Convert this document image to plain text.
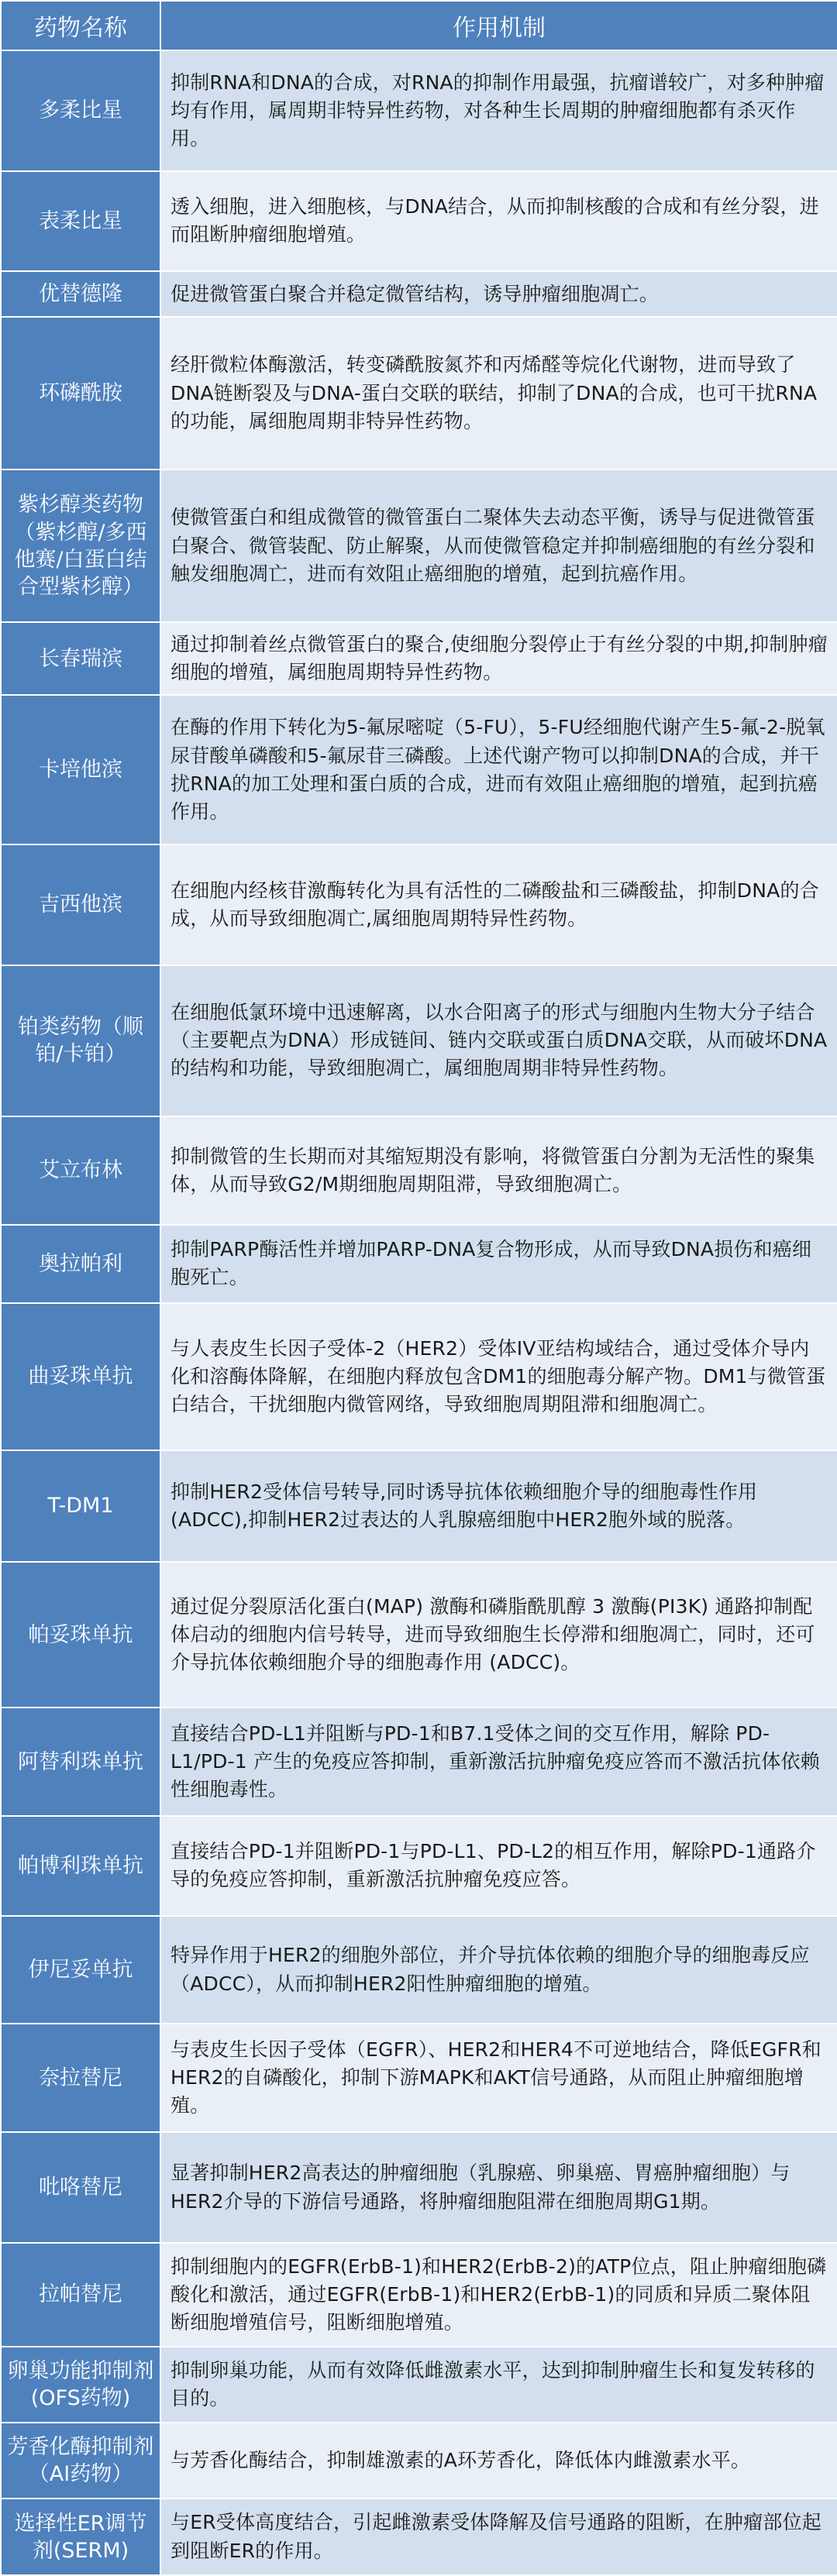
药物名称	作用机制
多柔比星	抑制RNA和DNA的合成，对RNA的抑制作用最强，抗瘤谱较广，对多种肿瘤均有作用，属周期非特异性药物，对各种生长周期的肿瘤细胞都有杀灭作用。
表柔比星	透入细胞，进入细胞核，与DNA结合，从而抑制核酸的合成和有丝分裂，进而阻断肿瘤细胞增殖。
优替德隆	促进微管蛋白聚合并稳定微管结构，诱导肿瘤细胞凋亡。
环磷酰胺	经肝微粒体酶激活，转变磷酰胺氮芥和丙烯醛等烷化代谢物，进而导致了DNA链断裂及与DNA-蛋白交联的联结，抑制了DNA的合成，也可干扰RNA的功能，属细胞周期非特异性药物。
紫杉醇类药物（紫杉醇/多西他赛/白蛋白结合型紫杉醇）	使微管蛋白和组成微管的微管蛋白二聚体失去动态平衡，诱导与促进微管蛋白聚合、微管装配、防止解聚，从而使微管稳定并抑制癌细胞的有丝分裂和触发细胞凋亡，进而有效阻止癌细胞的增殖，起到抗癌作用。
长春瑞滨	通过抑制着丝点微管蛋白的聚合,使细胞分裂停止于有丝分裂的中期,抑制肿瘤细胞的增殖，属细胞周期特异性药物。
卡培他滨	在酶的作用下转化为5-氟尿嘧啶（5-FU），5-FU经细胞代谢产生5-氟-2-脱氧尿苷酸单磷酸和5-氟尿苷三磷酸。上述代谢产物可以抑制DNA的合成，并干扰RNA的加工处理和蛋白质的合成，进而有效阻止癌细胞的增殖，起到抗癌作用。
吉西他滨	在细胞内经核苷激酶转化为具有活性的二磷酸盐和三磷酸盐，抑制DNA的合成，从而导致细胞凋亡,属细胞周期特异性药物。
铂类药物（顺铂/卡铂）	在细胞低氯环境中迅速解离，以水合阳离子的形式与细胞内生物大分子结合（主要靶点为DNA）形成链间、链内交联或蛋白质DNA交联，从而破坏DNA的结构和功能，导致细胞凋亡，属细胞周期非特异性药物。
艾立布林	抑制微管的生长期而对其缩短期没有影响，将微管蛋白分割为无活性的聚集体，从而导致G2/M期细胞周期阻滞，导致细胞凋亡。
奥拉帕利	抑制PARP酶活性并增加PARP-DNA复合物形成，从而导致DNA损伤和癌细胞死亡。
曲妥珠单抗	与人表皮生长因子受体-2（HER2）受体IV亚结构域结合，通过受体介导内化和溶酶体降解，在细胞内释放包含DM1的细胞毒分解产物。DM1与微管蛋白结合，干扰细胞内微管网络，导致细胞周期阻滞和细胞凋亡。
T-DM1	抑制HER2受体信号转导,同时诱导抗体依赖细胞介导的细胞毒性作用(ADCC),抑制HER2过表达的人乳腺癌细胞中HER2胞外域的脱落。
帕妥珠单抗	通过促分裂原活化蛋白(MAP) 激酶和磷脂酰肌醇 3 激酶(PI3K) 通路抑制配体启动的细胞内信号转导，进而导致细胞生长停滞和细胞凋亡，同时，还可介导抗体依赖细胞介导的细胞毒作用 (ADCC)。
阿替利珠单抗	直接结合PD-L1并阻断与PD-1和B7.1受体之间的交互作用，解除 PD-L1/PD-1 产生的免疫应答抑制，重新激活抗肿瘤免疫应答而不激活抗体依赖性细胞毒性。
帕博利珠单抗	直接结合PD-1并阻断PD-1与PD-L1、PD-L2的相互作用，解除PD-1通路介导的免疫应答抑制，重新激活抗肿瘤免疫应答。
伊尼妥单抗	特异作用于HER2的细胞外部位，并介导抗体依赖的细胞介导的细胞毒反应（ADCC），从而抑制HER2阳性肿瘤细胞的增殖。
奈拉替尼	与表皮生长因子受体（EGFR）、HER2和HER4不可逆地结合，降低EGFR和HER2的自磷酸化，抑制下游MAPK和AKT信号通路，从而阻止肿瘤细胞增殖。
吡咯替尼	显著抑制HER2高表达的肿瘤细胞（乳腺癌、卵巢癌、胃癌肿瘤细胞）与HER2介导的下游信号通路，将肿瘤细胞阻滞在细胞周期G1期。
拉帕替尼	抑制细胞内的EGFR(ErbB-1)和HER2(ErbB-2)的ATP位点，阻止肿瘤细胞磷酸化和激活，通过EGFR(ErbB-1)和HER2(ErbB-1)的同质和异质二聚体阻断细胞增殖信号，阻断细胞增殖。
卵巢功能抑制剂(OFS药物)	抑制卵巢功能，从而有效降低雌激素水平，达到抑制肿瘤生长和复发转移的目的。
芳香化酶抑制剂（AI药物）	与芳香化酶结合，抑制雄激素的A环芳香化，降低体内雌激素水平。
选择性ER调节剂(SERM)	与ER受体高度结合，引起雌激素受体降解及信号通路的阻断，在肿瘤部位起到阻断ER的作用。
